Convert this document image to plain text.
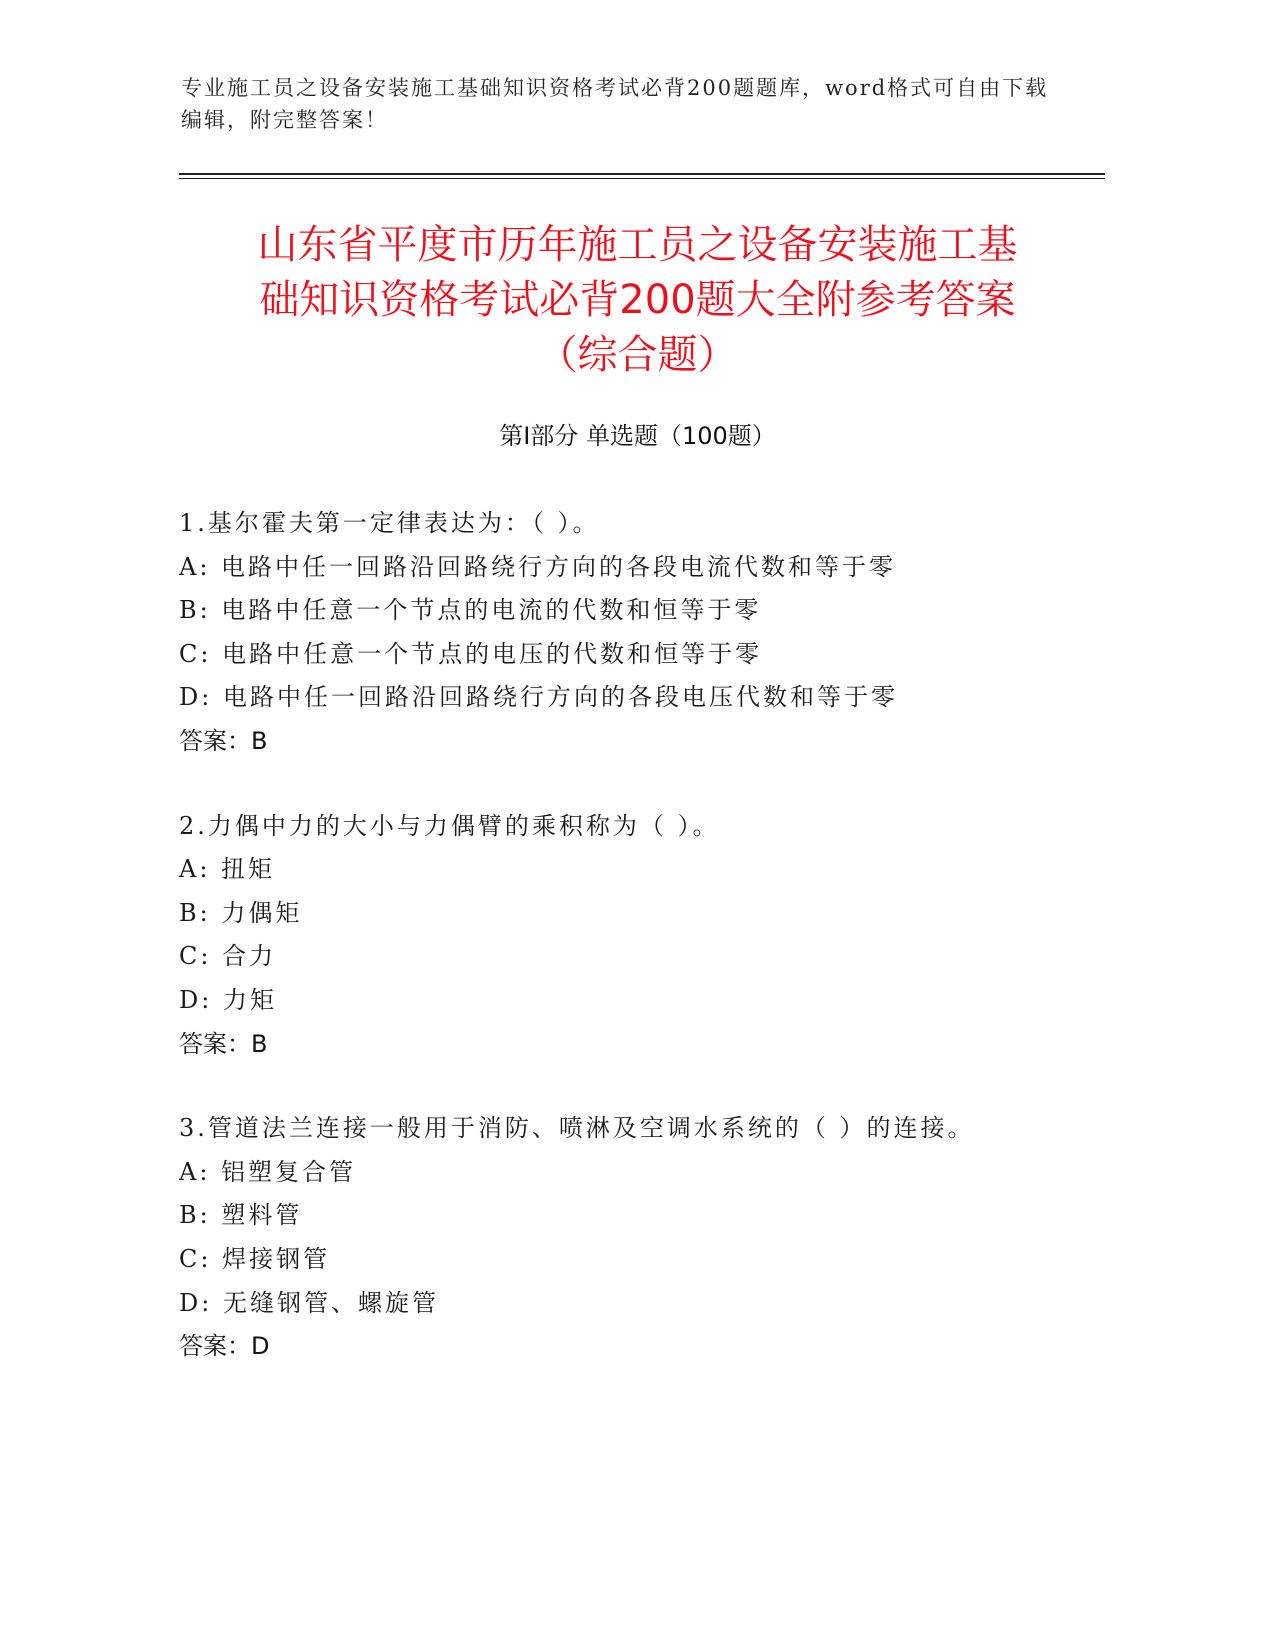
专业施工员之设备安装施工基础知识资格考试必背200题题库，word格式可自由下载编辑，附完整答案！
山东省平度市历年施工员之设备安装施工基
础知识资格考试必背200题大全附参考答案
（综合题）
第Ⅰ部分 单选题（100题）
1.基尔霍夫第一定律表达为：（ ）。
A: 电路中任一回路沿回路绕行方向的各段电流代数和等于零
B: 电路中任意一个节点的电流的代数和恒等于零
C: 电路中任意一个节点的电压的代数和恒等于零
D: 电路中任一回路沿回路绕行方向的各段电压代数和等于零
答案：B
2.力偶中力的大小与力偶臂的乘积称为（ ）。
A: 扭矩
B: 力偶矩
C: 合力
D: 力矩
答案：B
3.管道法兰连接一般用于消防、喷淋及空调水系统的（ ）的连接。
A: 铝塑复合管
B: 塑料管
C: 焊接钢管
D: 无缝钢管、螺旋管
答案：D
